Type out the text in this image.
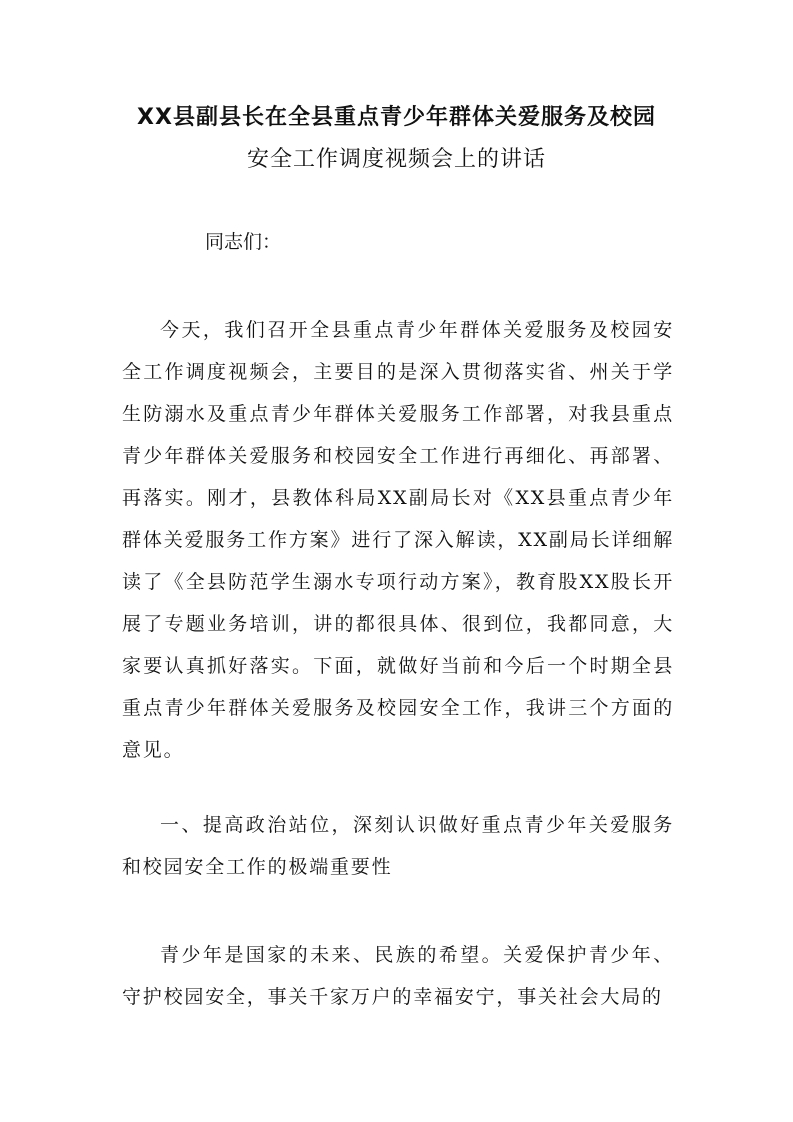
XX县副县长在全县重点青少年群体关爱服务及校园
安全工作调度视频会上的讲话

同志们：

今天，我们召开全县重点青少年群体关爱服务及校园安全工作调度视频会，主要目的是深入贯彻落实省、州关于学生防溺水及重点青少年群体关爱服务工作部署，对我县重点青少年群体关爱服务和校园安全工作进行再细化、再部署、再落实。刚才，县教体科局XX副局长对《XX县重点青少年群体关爱服务工作方案》进行了深入解读，XX副局长详细解读了《全县防范学生溺水专项行动方案》，教育股XX股长开展了专题业务培训，讲的都很具体、很到位，我都同意，大家要认真抓好落实。下面，就做好当前和今后一个时期全县重点青少年群体关爱服务及校园安全工作，我讲三个方面的意见。

一、提高政治站位，深刻认识做好重点青少年关爱服务和校园安全工作的极端重要性

青少年是国家的未来、民族的希望。关爱保护青少年、守护校园安全，事关千家万户的幸福安宁，事关社会大局的
